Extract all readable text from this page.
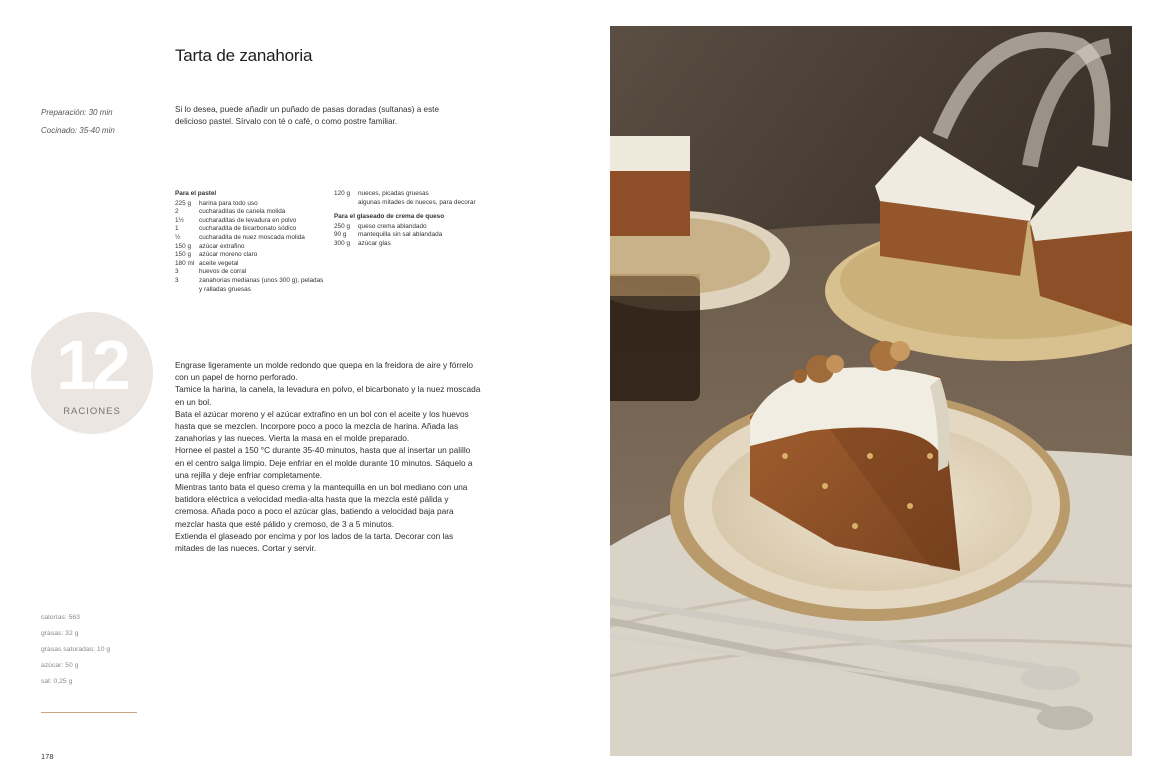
Tarta de zanahoria
Preparación: 30 min
Cocinado: 35-40 min
Si lo desea, puede añadir un puñado de pasas doradas (sultanas) a este delicioso pastel. Sírvalo con té o café, o como postre familiar.
Para el pastel
225 g	harina para todo uso
2	cucharaditas de canela molida
1½	cucharaditas de levadura en polvo
1	cucharadita de bicarbonato sódico
½	cucharadita de nuez moscada molida
150 g	azúcar extrafino
150 g	azúcar moreno claro
180 ml aceite vegetal
3	huevos de corral
3	zanahorias medianas (unos 300 g), peladas y ralladas gruesas
120 g	nueces, picadas gruesas
algunas mitades de nueces, para decorar
Para el glaseado de crema de queso
250 g	queso crema ablandado
90 g	mantequilla sin sal ablandada
300 g	azúcar glas
12
RACIONES

Engrase ligeramente un molde redondo que quepa en la freidora de aire y fórrelo con un papel de horno perforado.

Tamice la harina, la canela, la levadura en polvo, el bicarbonato y la nuez moscada en un bol.

Bata el azúcar moreno y el azúcar extrafino en un bol con el aceite y los huevos hasta que se mezclen. Incorpore poco a poco la mezcla de harina. Añada las zanahorias y las nueces. Vierta la masa en el molde preparado.

Hornee el pastel a 150 °C durante 35-40 minutos, hasta que al insertar un palillo en el centro salga limpio. Deje enfriar en el molde durante 10 minutos. Sáquelo a una rejilla y deje enfriar completamente.

Mientras tanto bata el queso crema y la mantequilla en un bol mediano con una batidora eléctrica a velocidad media-alta hasta que la mezcla esté pálida y cremosa. Añada poco a poco el azúcar glas, batiendo a velocidad baja para mezclar hasta que esté pálido y cremoso, de 3 a 5 minutos.

Extienda el glaseado por encima y por los lados de la tarta. Decorar con las mitades de las nueces. Cortar y servir.

calorías: 563
grasas: 32 g
grasas saturadas: 10 g
azúcar: 50 g
sal: 0,25 g
178
